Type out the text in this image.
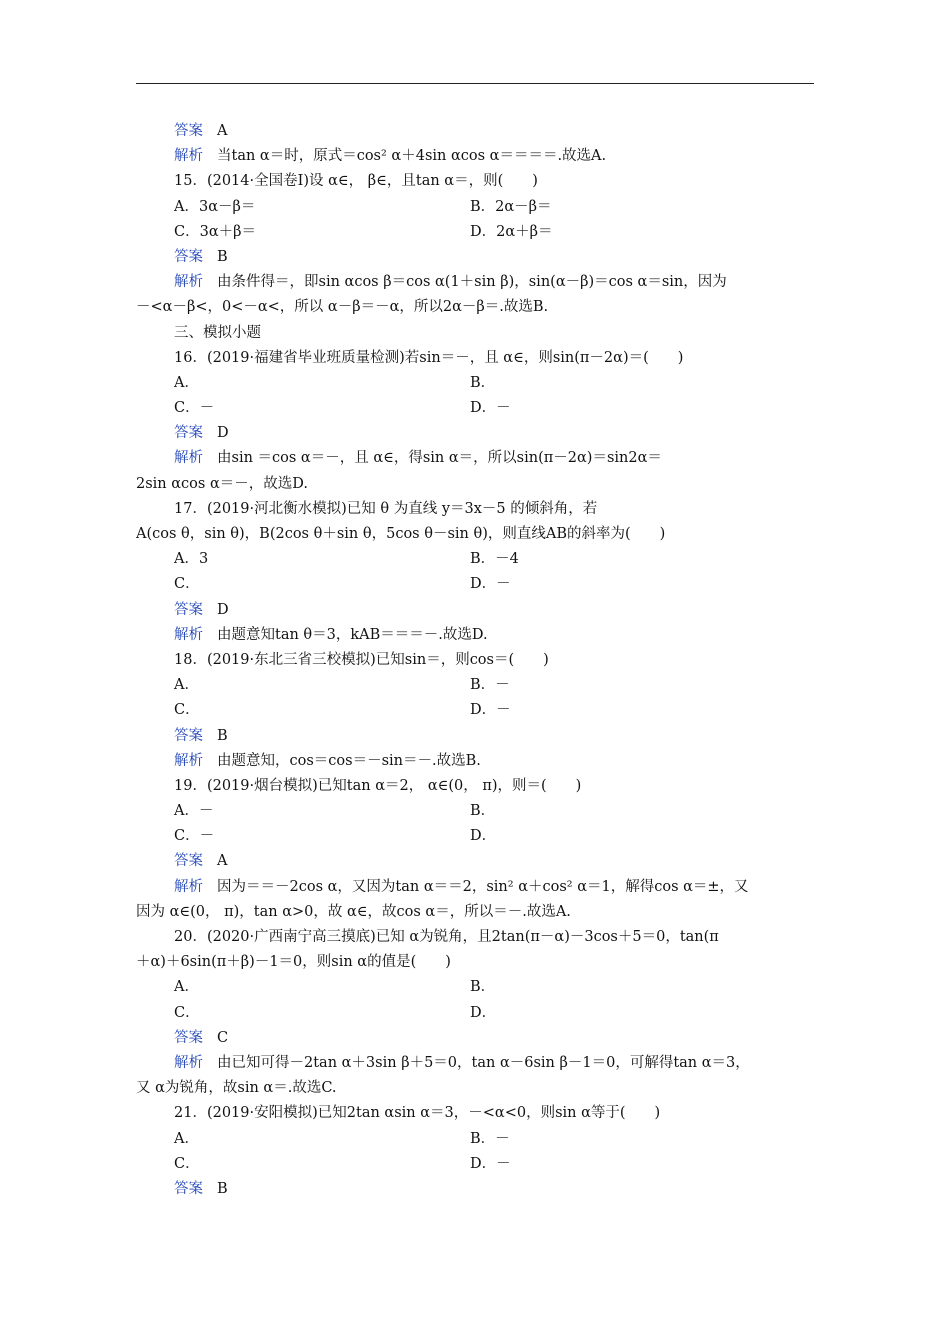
答案 A
解析 当tan α＝时，原式＝cos² α＋4sin αcos α＝＝＝＝.故选A.
15．(2014·全国卷Ⅰ)设 α∈， β∈，且tan α＝，则(　　)
A．3α－β＝	B．2α－β＝
C．3α＋β＝	D．2α＋β＝
答案 B
解析 由条件得＝，即sin αcos β＝cos α(1＋sin β)，sin(α－β)＝cos α＝sin，因为
－<α－β<，0<－α<，所以 α－β＝－α，所以2α－β＝.故选B.
三、模拟小题
16．(2019·福建省毕业班质量检测)若sin＝－，且 α∈，则sin(π－2α)＝(　　)
A．	B．
C．－	D．－
答案 D
解析 由sin ＝cos α＝－，且 α∈，得sin α＝，所以sin(π－2α)＝sin2α＝
2sin αcos α＝－，故选D.
17．(2019·河北衡水模拟)已知 θ 为直线 y＝3x－5 的倾斜角，若
A(cos θ，sin θ)，B(2cos θ＋sin θ，5cos θ－sin θ)，则直线AB的斜率为(　　)
A．3	B．－4
C．	D．－
答案 D
解析 由题意知tan θ＝3，kAB＝＝＝－.故选D.
18．(2019·东北三省三校模拟)已知sin＝，则cos＝(　　)
A．	B．－
C．	D．－
答案 B
解析 由题意知，cos＝cos＝－sin＝－.故选B.
19．(2019·烟台模拟)已知tan α＝2， α∈(0， π)，则＝(　　)
A．－	B．
C．－	D．
答案 A
解析 因为＝＝－2cos α，又因为tan α＝＝2，sin² α＋cos² α＝1，解得cos α＝±，又
因为 α∈(0， π)，tan α>0，故 α∈，故cos α＝，所以＝－.故选A.
20．(2020·广西南宁高三摸底)已知 α为锐角，且2tan(π－α)－3cos＋5＝0，tan(π
＋α)＋6sin(π＋β)－1＝0，则sin α的值是(　　)
A．	B．
C．	D．
答案 C
解析 由已知可得－2tan α＋3sin β＋5＝0，tan α－6sin β－1＝0，可解得tan α＝3，
又 α为锐角，故sin α＝.故选C.
21．(2019·安阳模拟)已知2tan αsin α＝3，－<α<0，则sin α等于(　　)
A．	B．－
C．	D．－
答案 B
